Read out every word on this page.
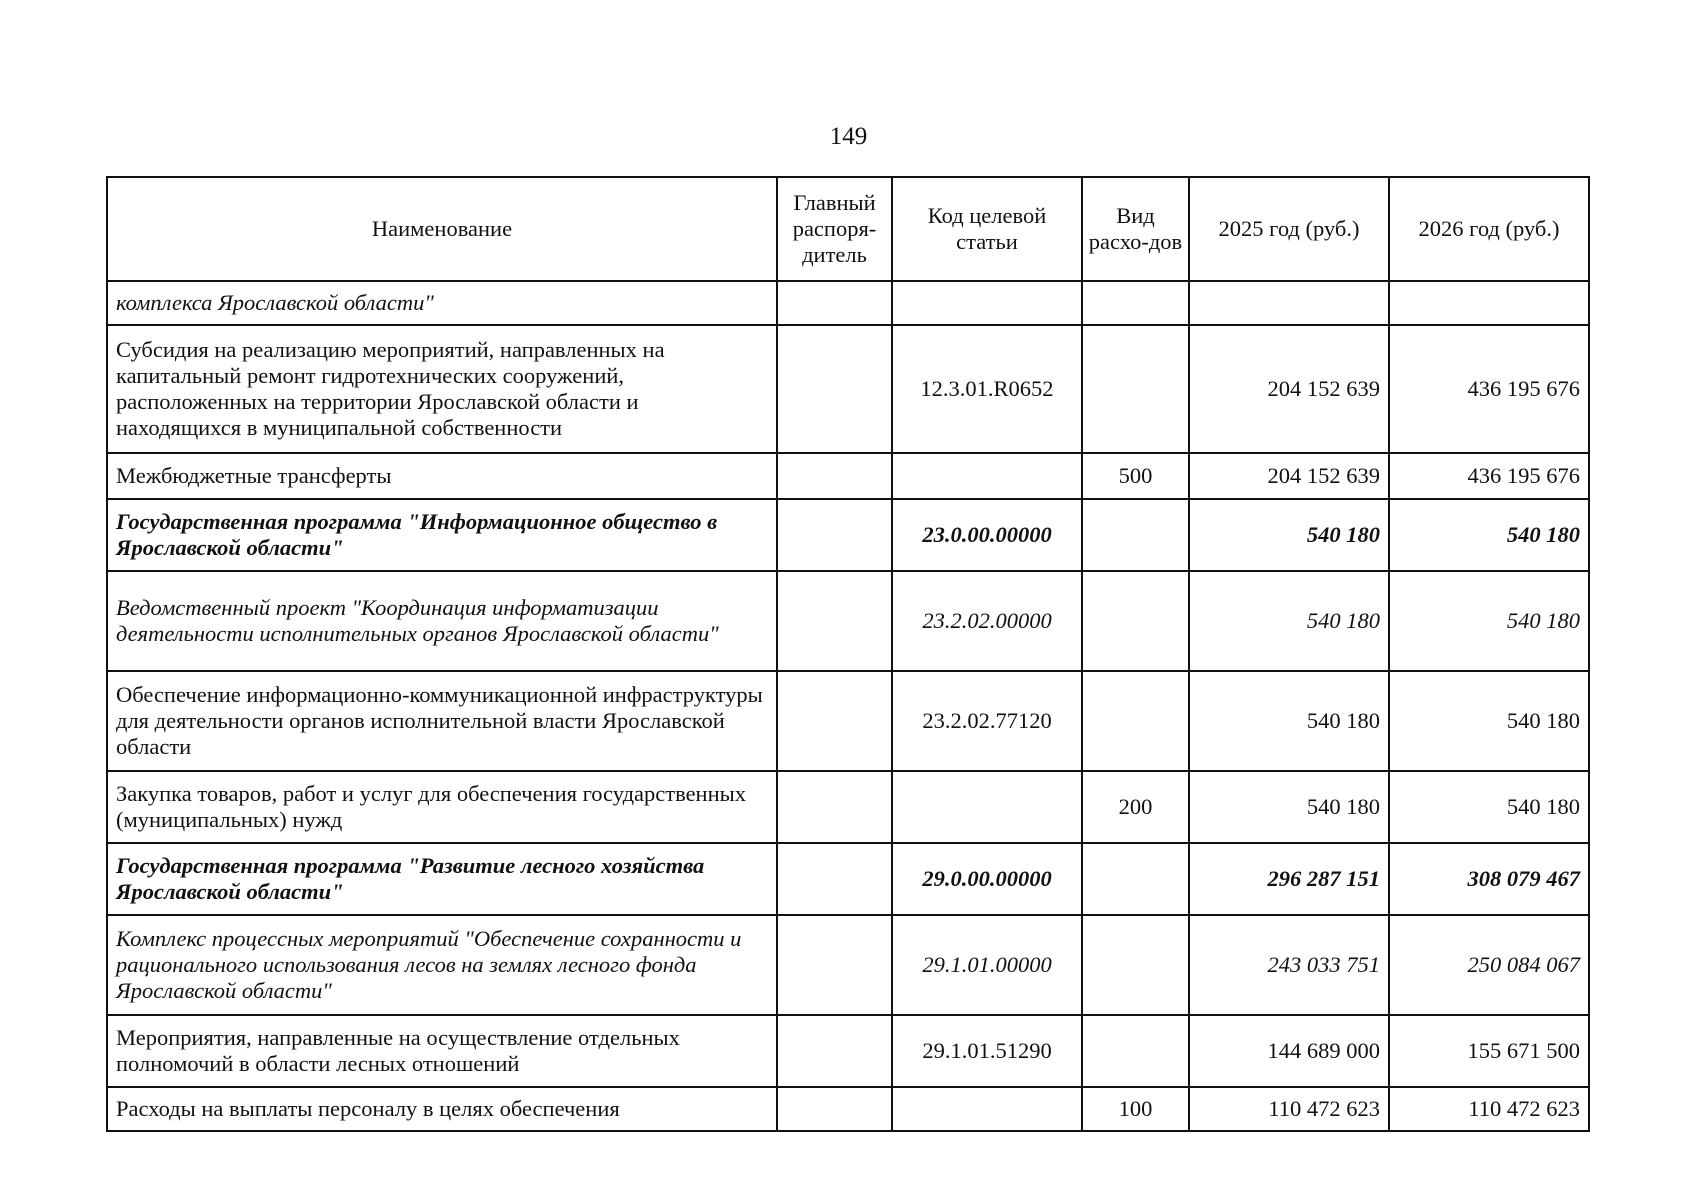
149
Наименование	Главный распоря-дитель	Код целевой статьи	Вид расхо-дов	2025 год (руб.)	2026 год (руб.)
комплекса Ярославской области"					
Субсидия на реализацию мероприятий, направленных на капитальный ремонт гидротехнических сооружений, расположенных на территории Ярославской области и находящихся в муниципальной собственности		12.3.01.R0652		204 152 639	436 195 676
Межбюджетные трансферты			500	204 152 639	436 195 676
Государственная программа "Информационное общество в Ярославской области"		23.0.00.00000		540 180	540 180
Ведомственный проект "Координация информатизации деятельности исполнительных органов Ярославской области"		23.2.02.00000		540 180	540 180
Обеспечение информационно-коммуникационной инфраструктуры для деятельности органов исполнительной власти Ярославской области		23.2.02.77120		540 180	540 180
Закупка товаров, работ и услуг для обеспечения государственных (муниципальных) нужд			200	540 180	540 180
Государственная программа "Развитие лесного хозяйства Ярославской области"		29.0.00.00000		296 287 151	308 079 467
Комплекс процессных мероприятий "Обеспечение сохранности и рационального использования лесов на землях лесного фонда Ярославской области"		29.1.01.00000		243 033 751	250 084 067
Мероприятия, направленные на осуществление отдельных полномочий в области лесных отношений		29.1.01.51290		144 689 000	155 671 500
Расходы на выплаты персоналу в целях обеспечения			100	110 472 623	110 472 623
